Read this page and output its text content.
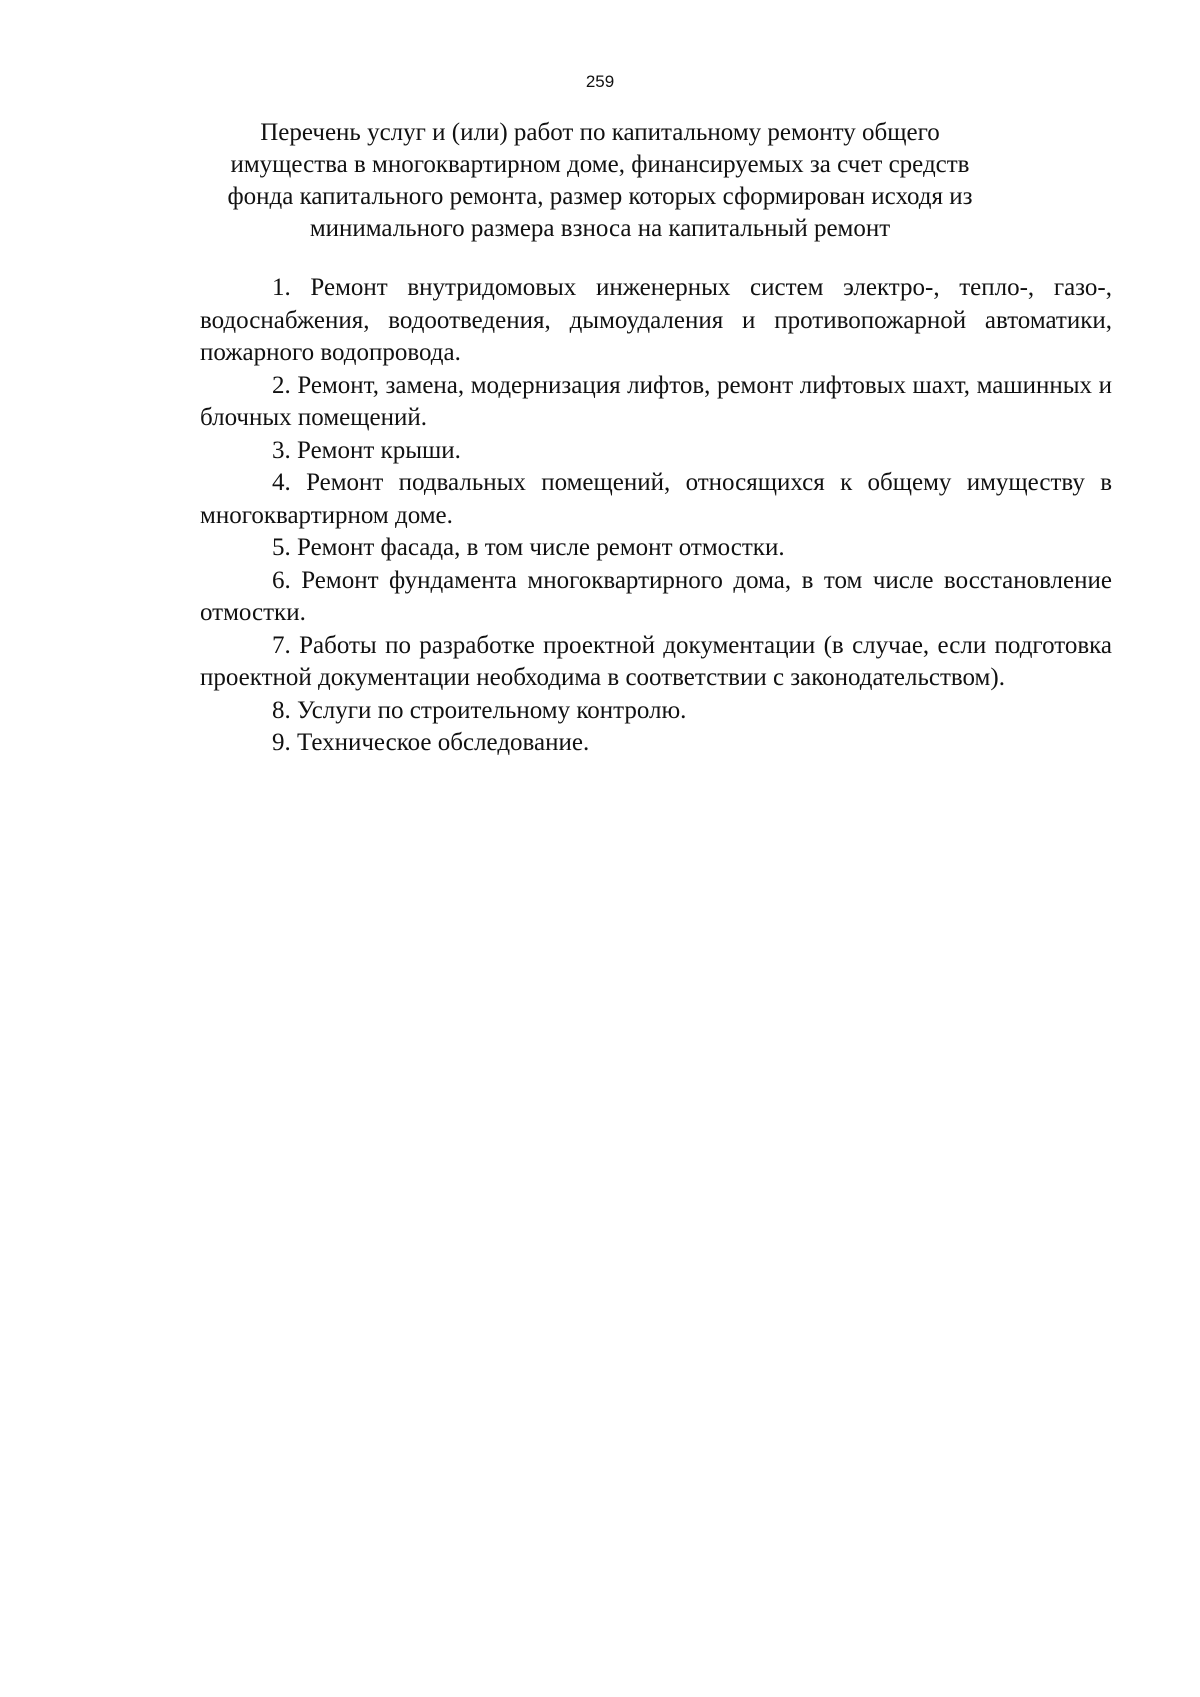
259
Перечень услуг и (или) работ по капитальному ремонту общего
имущества в многоквартирном доме, финансируемых за счет средств
фонда капитального ремонта, размер которых сформирован исходя из
минимального размера взноса на капитальный ремонт
1. Ремонт внутридомовых инженерных систем электро-, тепло-, газо-, водоснабжения, водоотведения, дымоудаления и противопожарной автоматики, пожарного водопровода.
2. Ремонт, замена, модернизация лифтов, ремонт лифтовых шахт, машинных и блочных помещений.
3. Ремонт крыши.
4. Ремонт подвальных помещений, относящихся к общему имуществу в многоквартирном доме.
5. Ремонт фасада, в том числе ремонт отмостки.
6. Ремонт фундамента многоквартирного дома, в том числе восстановление отмостки.
7. Работы по разработке проектной документации (в случае, если подготовка проектной документации необходима в соответствии с законодательством).
8. Услуги по строительному контролю.
9. Техническое обследование.
